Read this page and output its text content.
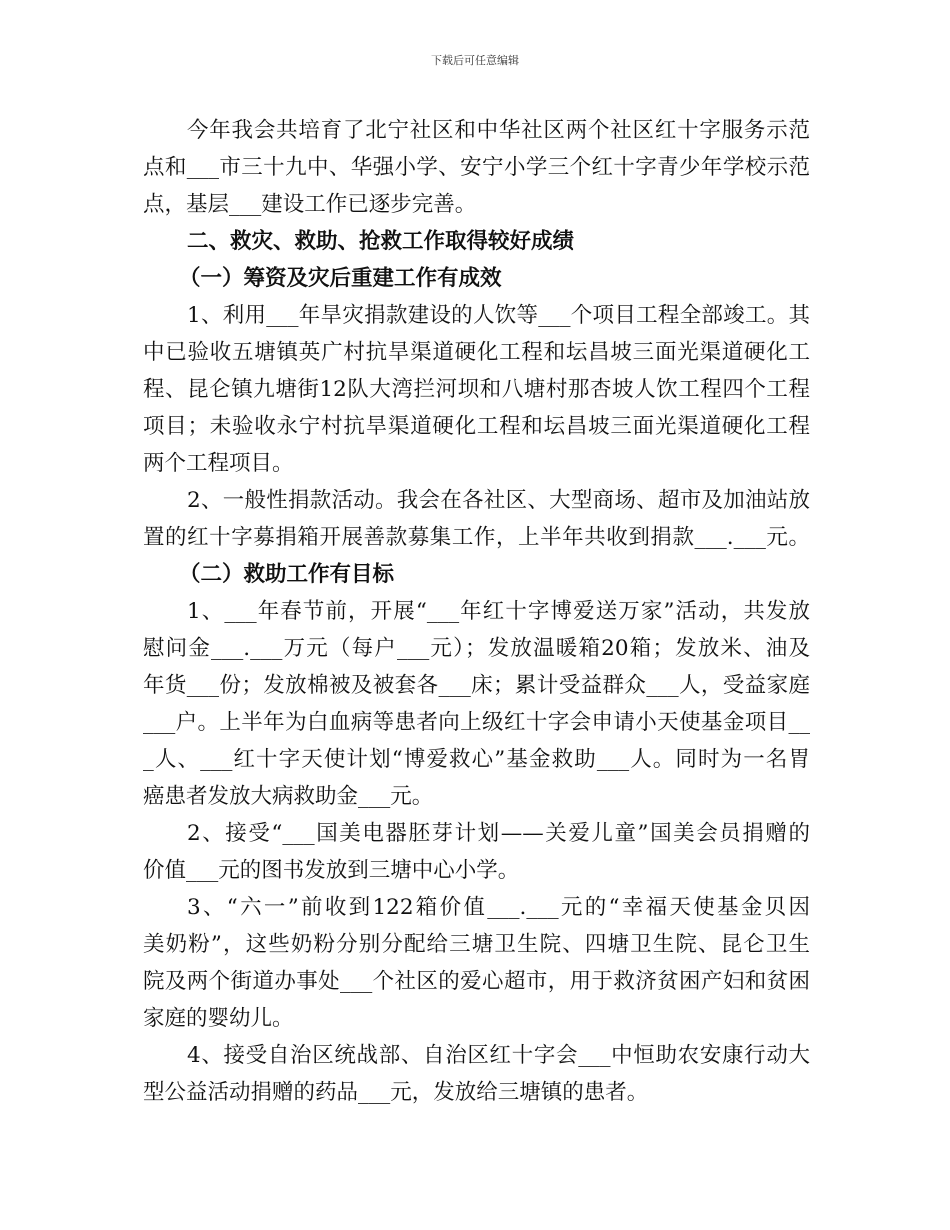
下载后可任意编辑
今年我会共培育了北宁社区和中华社区两个社区红十字服务示范
点和___市三十九中、华强小学、安宁小学三个红十字青少年学校示范
点，基层___建设工作已逐步完善。
二、救灾、救助、抢救工作取得较好成绩
（一）筹资及灾后重建工作有成效
1、利用___年旱灾捐款建设的人饮等___个项目工程全部竣工。其
中已验收五塘镇英广村抗旱渠道硬化工程和坛昌坡三面光渠道硬化工
程、昆仑镇九塘街12队大湾拦河坝和八塘村那杏坡人饮工程四个工程
项目；未验收永宁村抗旱渠道硬化工程和坛昌坡三面光渠道硬化工程
两个工程项目。
2、一般性捐款活动。我会在各社区、大型商场、超市及加油站放
置的红十字募捐箱开展善款募集工作，上半年共收到捐款___.___元。
（二）救助工作有目标
1、___年春节前，开展“___年红十字博爱送万家”活动，共发放
慰问金___.___万元（每户___元）；发放温暖箱20箱；发放米、油及
年货___份；发放棉被及被套各___床；累计受益群众___人，受益家庭
___户。上半年为白血病等患者向上级红十字会申请小天使基金项目__
_人、___红十字天使计划“博爱救心”基金救助___人。同时为一名胃
癌患者发放大病救助金___元。
2、接受“___国美电器胚芽计划——关爱儿童”国美会员捐赠的
价值___元的图书发放到三塘中心小学。
3、“六一”前收到122箱价值___.___元的“幸福天使基金贝因
美奶粉”，这些奶粉分别分配给三塘卫生院、四塘卫生院、昆仑卫生
院及两个街道办事处___个社区的爱心超市，用于救济贫困产妇和贫困
家庭的婴幼儿。
4、接受自治区统战部、自治区红十字会___中恒助农安康行动大
型公益活动捐赠的药品___元，发放给三塘镇的患者。
